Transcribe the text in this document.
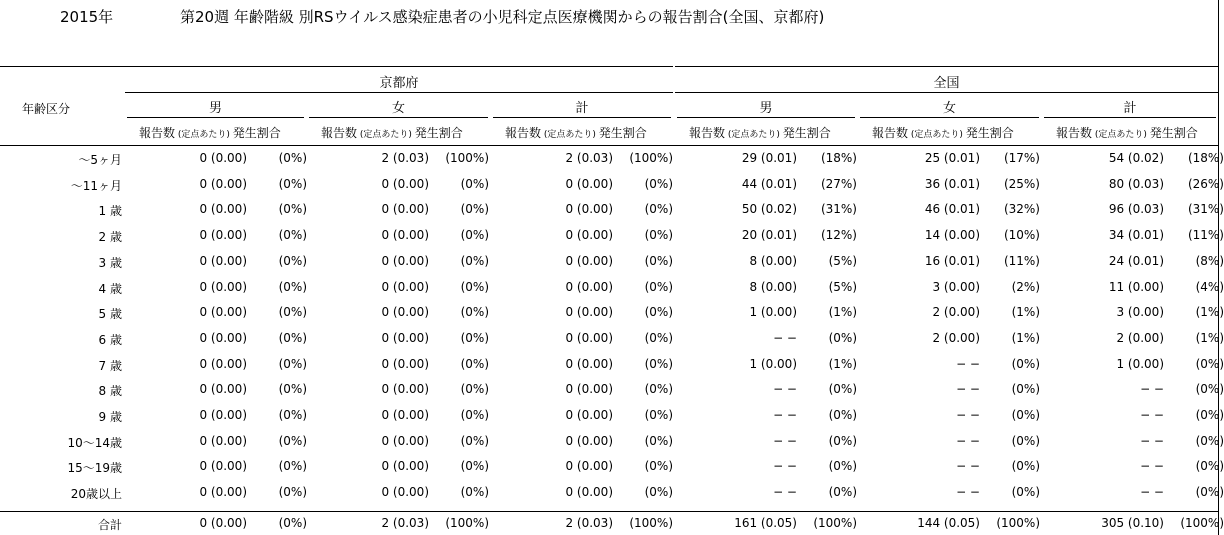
2015年	第20週 年齢階級 別RSウイルス感染症患者の小児科定点医療機関からの報告割合(全国、京都府)
京都府	全国
男	女	計	男	女	計
年齢区分
報告数 (定点あたり) 発生割合	報告数 (定点あたり) 発生割合	報告数 (定点あたり) 発生割合	報告数 (定点あたり) 発生割合	報告数 (定点あたり) 発生割合	報告数 (定点あたり) 発生割合
〜5ヶ月	0 (0.00)	(0%)	2 (0.03)	(100%)	2 (0.03)	(100%)	29 (0.01)	(18%)	25 (0.01)	(17%)	54 (0.02)	(18%)
〜11ヶ月	0 (0.00)	(0%)	0 (0.00)	(0%)	0 (0.00)	(0%)	44 (0.01)	(27%)	36 (0.01)	(25%)	80 (0.03)	(26%)
1 歳	0 (0.00)	(0%)	0 (0.00)	(0%)	0 (0.00)	(0%)	50 (0.02)	(31%)	46 (0.01)	(32%)	96 (0.03)	(31%)
2 歳	0 (0.00)	(0%)	0 (0.00)	(0%)	0 (0.00)	(0%)	20 (0.01)	(12%)	14 (0.00)	(10%)	34 (0.01)	(11%)
3 歳	0 (0.00)	(0%)	0 (0.00)	(0%)	0 (0.00)	(0%)	8 (0.00)	(5%)	16 (0.01)	(11%)	24 (0.01)	(8%)
4 歳	0 (0.00)	(0%)	0 (0.00)	(0%)	0 (0.00)	(0%)	8 (0.00)	(5%)	3 (0.00)	(2%)	11 (0.00)	(4%)
5 歳	0 (0.00)	(0%)	0 (0.00)	(0%)	0 (0.00)	(0%)	1 (0.00)	(1%)	2 (0.00)	(1%)	3 (0.00)	(1%)
6 歳	0 (0.00)	(0%)	0 (0.00)	(0%)	0 (0.00)	(0%)	− −	(0%)	2 (0.00)	(1%)	2 (0.00)	(1%)
7 歳	0 (0.00)	(0%)	0 (0.00)	(0%)	0 (0.00)	(0%)	1 (0.00)	(1%)	− −	(0%)	1 (0.00)	(0%)
8 歳	0 (0.00)	(0%)	0 (0.00)	(0%)	0 (0.00)	(0%)	− −	(0%)	− −	(0%)	− −	(0%)
9 歳	0 (0.00)	(0%)	0 (0.00)	(0%)	0 (0.00)	(0%)	− −	(0%)	− −	(0%)	− −	(0%)
10〜14歳	0 (0.00)	(0%)	0 (0.00)	(0%)	0 (0.00)	(0%)	− −	(0%)	− −	(0%)	− −	(0%)
15〜19歳	0 (0.00)	(0%)	0 (0.00)	(0%)	0 (0.00)	(0%)	− −	(0%)	− −	(0%)	− −	(0%)
20歳以上	0 (0.00)	(0%)	0 (0.00)	(0%)	0 (0.00)	(0%)	− −	(0%)	− −	(0%)	− −	(0%)
合計	0 (0.00)	(0%)	2 (0.03)	(100%)	2 (0.03)	(100%)	161 (0.05)	(100%)	144 (0.05)	(100%)	305 (0.10)	(100%)
